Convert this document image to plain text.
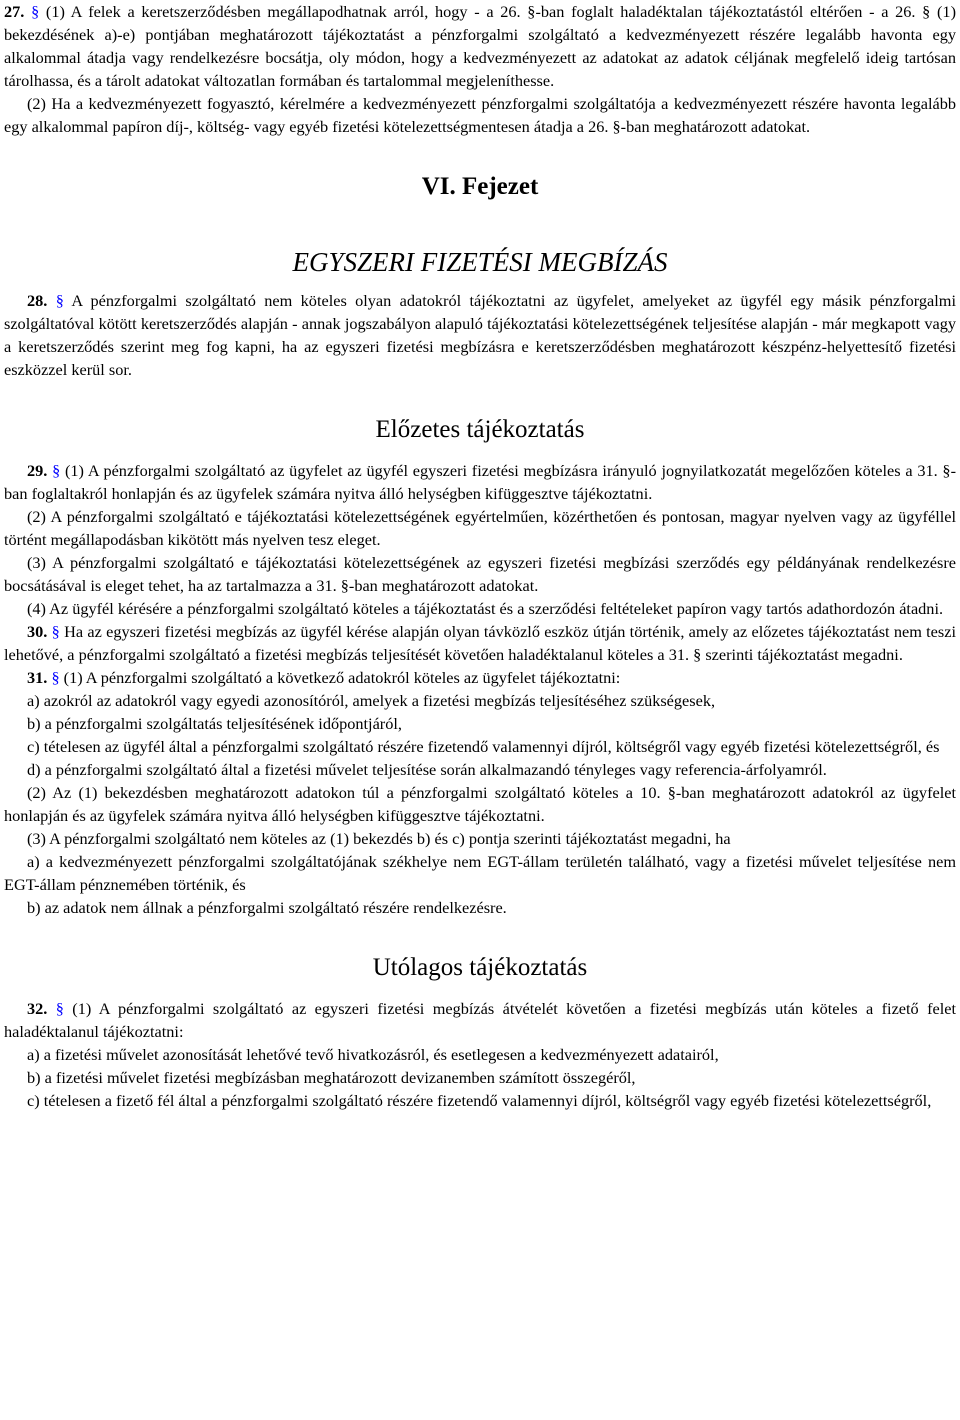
27. § (1) A felek a keretszerződésben megállapodhatnak arról, hogy - a 26. §-ban foglalt haladéktalan tájékoztatástól eltérően - a 26. § (1) bekezdésének a)-e) pontjában meghatározott tájékoztatást a pénzforgalmi szolgáltató a kedvezményezett részére legalább havonta egy alkalommal átadja vagy rendelkezésre bocsátja, oly módon, hogy a kedvezményezett az adatokat az adatok céljának megfelelő ideig tartósan tárolhassa, és a tárolt adatokat változatlan formában és tartalommal megjeleníthesse.

(2) Ha a kedvezményezett fogyasztó, kérelmére a kedvezményezett pénzforgalmi szolgáltatója a kedvezményezett részére havonta legalább egy alkalommal papíron díj-, költség- vagy egyéb fizetési kötelezettségmentesen átadja a 26. §-ban meghatározott adatokat.

VI. Fejezet
EGYSZERI FIZETÉSI MEGBÍZÁS

28. § A pénzforgalmi szolgáltató nem köteles olyan adatokról tájékoztatni az ügyfelet, amelyeket az ügyfél egy másik pénzforgalmi szolgáltatóval kötött keretszerződés alapján - annak jogszabályon alapuló tájékoztatási kötelezettségének teljesítése alapján - már megkapott vagy a keretszerződés szerint meg fog kapni, ha az egyszeri fizetési megbízásra e keretszerződésben meghatározott készpénz-helyettesítő fizetési eszközzel kerül sor.

Előzetes tájékoztatás

29. § (1) A pénzforgalmi szolgáltató az ügyfelet az ügyfél egyszeri fizetési megbízásra irányuló jognyilatkozatát megelőzően köteles a 31. §-ban foglaltakról honlapján és az ügyfelek számára nyitva álló helységben kifüggesztve tájékoztatni.

(2) A pénzforgalmi szolgáltató e tájékoztatási kötelezettségének egyértelműen, közérthetően és pontosan, magyar nyelven vagy az ügyféllel történt megállapodásban kikötött más nyelven tesz eleget.

(3) A pénzforgalmi szolgáltató e tájékoztatási kötelezettségének az egyszeri fizetési megbízási szerződés egy példányának rendelkezésre bocsátásával is eleget tehet, ha az tartalmazza a 31. §-ban meghatározott adatokat.

(4) Az ügyfél kérésére a pénzforgalmi szolgáltató köteles a tájékoztatást és a szerződési feltételeket papíron vagy tartós adathordozón átadni.

30. § Ha az egyszeri fizetési megbízás az ügyfél kérése alapján olyan távközlő eszköz útján történik, amely az előzetes tájékoztatást nem teszi lehetővé, a pénzforgalmi szolgáltató a fizetési megbízás teljesítését követően haladéktalanul köteles a 31. § szerinti tájékoztatást megadni.

31. § (1) A pénzforgalmi szolgáltató a következő adatokról köteles az ügyfelet tájékoztatni:

a) azokról az adatokról vagy egyedi azonosítóról, amelyek a fizetési megbízás teljesítéséhez szükségesek,

b) a pénzforgalmi szolgáltatás teljesítésének időpontjáról,

c) tételesen az ügyfél által a pénzforgalmi szolgáltató részére fizetendő valamennyi díjról, költségről vagy egyéb fizetési kötelezettségről, és

d) a pénzforgalmi szolgáltató által a fizetési művelet teljesítése során alkalmazandó tényleges vagy referencia-árfolyamról.

(2) Az (1) bekezdésben meghatározott adatokon túl a pénzforgalmi szolgáltató köteles a 10. §-ban meghatározott adatokról az ügyfelet honlapján és az ügyfelek számára nyitva álló helységben kifüggesztve tájékoztatni.

(3) A pénzforgalmi szolgáltató nem köteles az (1) bekezdés b) és c) pontja szerinti tájékoztatást megadni, ha

a) a kedvezményezett pénzforgalmi szolgáltatójának székhelye nem EGT-állam területén található, vagy a fizetési művelet teljesítése nem EGT-állam pénznemében történik, és

b) az adatok nem állnak a pénzforgalmi szolgáltató részére rendelkezésre.

Utólagos tájékoztatás

32. § (1) A pénzforgalmi szolgáltató az egyszeri fizetési megbízás átvételét követően a fizetési megbízás után köteles a fizető felet haladéktalanul tájékoztatni:

a) a fizetési művelet azonosítását lehetővé tevő hivatkozásról, és esetlegesen a kedvezményezett adatairól,

b) a fizetési művelet fizetési megbízásban meghatározott devizanemben számított összegéről,

c) tételesen a fizető fél által a pénzforgalmi szolgáltató részére fizetendő valamennyi díjról, költségről vagy egyéb fizetési kötelezettségről,
